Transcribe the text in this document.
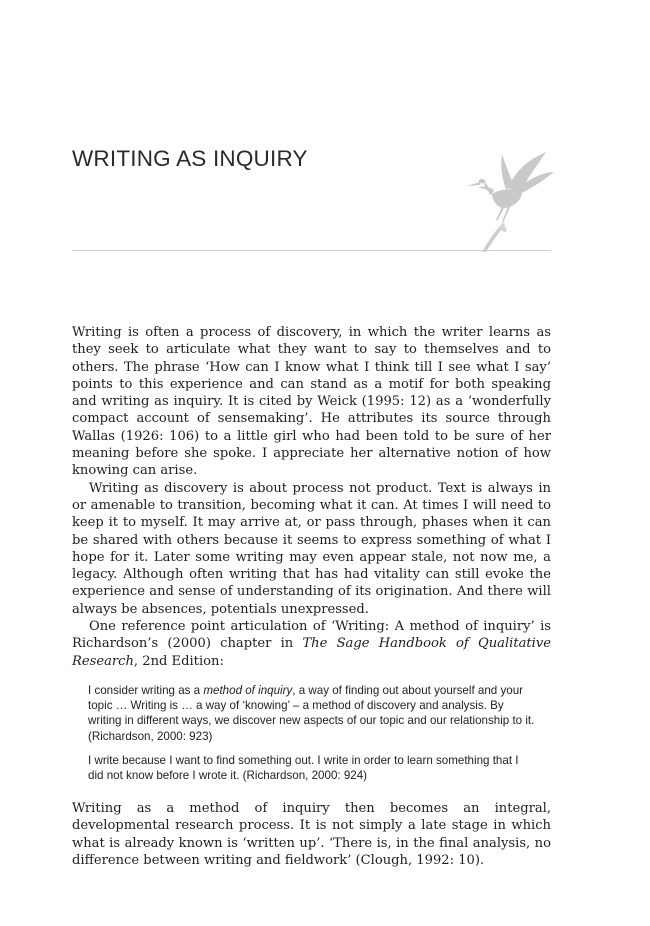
WRITING AS INQUIRY

Writing is often a process of discovery, in which the writer learns as they seek to articulate what they want to say to themselves and to others. The phrase ‘How can I know what I think till I see what I say’ points to this experience and can stand as a motif for both speaking and writing as inquiry. It is cited by Weick (1995: 12) as a ‘wonderfully compact account of sensemaking’. He attributes its source through Wallas (1926: 106) to a little girl who had been told to be sure of her meaning before she spoke. I appreciate her alternative notion of how knowing can arise.

Writing as discovery is about process not product. Text is always in or amenable to transition, becoming what it can. At times I will need to keep it to myself. It may arrive at, or pass through, phases when it can be shared with others because it seems to express something of what I hope for it. Later some writing may even appear stale, not now me, a legacy. Although often writing that has had vitality can still evoke the experience and sense of understanding of its origination. And there will always be absences, potentials unexpressed.

One reference point articulation of ‘Writing: A method of inquiry’ is Richardson’s (2000) chapter in The Sage Handbook of Qualitative Research, 2nd Edition:

I consider writing as a method of inquiry, a way of finding out about yourself and your topic … Writing is … a way of ‘knowing’ – a method of discovery and analysis. By writing in different ways, we discover new aspects of our topic and our relationship to it. (Richardson, 2000: 923)

I write because I want to find something out. I write in order to learn something that I did not know before I wrote it. (Richardson, 2000: 924)

Writing as a method of inquiry then becomes an integral, developmental research process. It is not simply a late stage in which what is already known is ‘written up’. ‘There is, in the final analysis, no difference between writing and fieldwork’ (Clough, 1992: 10).
